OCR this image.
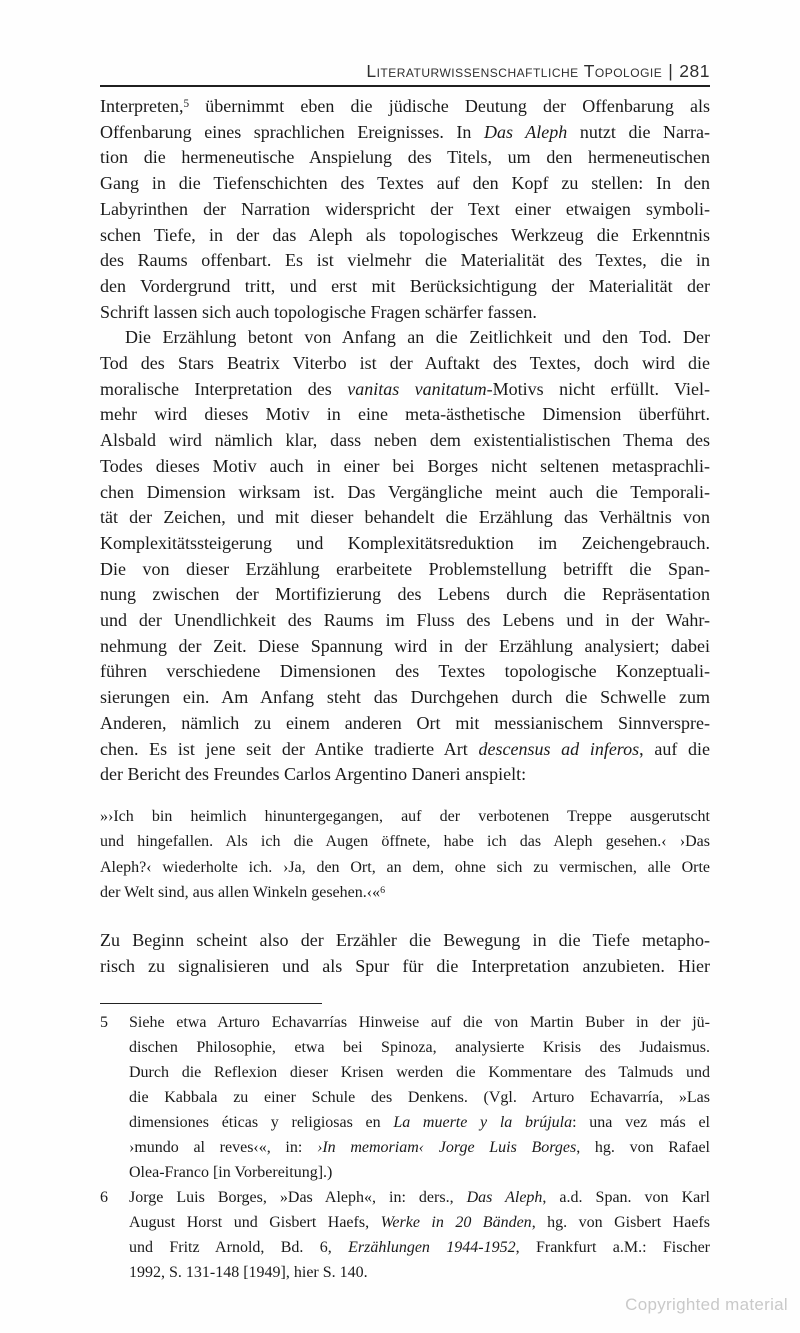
Literaturwissenschaftliche Topologie | 281
Interpreten,$^5$ übernimmt eben die jüdische Deutung der Offenbarung als
Offenbarung eines sprachlichen Ereignisses. In Das Aleph nutzt die Narra-
tion die hermeneutische Anspielung des Titels, um den hermeneutischen
Gang in die Tiefenschichten des Textes auf den Kopf zu stellen: In den
Labyrinthen der Narration widerspricht der Text einer etwaigen symboli-
schen Tiefe, in der das Aleph als topologisches Werkzeug die Erkenntnis
des Raums offenbart. Es ist vielmehr die Materialität des Textes, die in
den Vordergrund tritt, und erst mit Berücksichtigung der Materialität der
Schrift lassen sich auch topologische Fragen schärfer fassen.
Die Erzählung betont von Anfang an die Zeitlichkeit und den Tod. Der
Tod des Stars Beatrix Viterbo ist der Auftakt des Textes, doch wird die
moralische Interpretation des vanitas vanitatum-Motivs nicht erfüllt. Viel-
mehr wird dieses Motiv in eine meta-ästhetische Dimension überführt.
Alsbald wird nämlich klar, dass neben dem existentialistischen Thema des
Todes dieses Motiv auch in einer bei Borges nicht seltenen metasprachli-
chen Dimension wirksam ist. Das Vergängliche meint auch die Temporali-
tät der Zeichen, und mit dieser behandelt die Erzählung das Verhältnis von
Komplexitätssteigerung und Komplexitätsreduktion im Zeichengebrauch.
Die von dieser Erzählung erarbeitete Problemstellung betrifft die Span-
nung zwischen der Mortifizierung des Lebens durch die Repräsentation
und der Unendlichkeit des Raums im Fluss des Lebens und in der Wahr-
nehmung der Zeit. Diese Spannung wird in der Erzählung analysiert; dabei
führen verschiedene Dimensionen des Textes topologische Konzeptuali-
sierungen ein. Am Anfang steht das Durchgehen durch die Schwelle zum
Anderen, nämlich zu einem anderen Ort mit messianischem Sinnverspre-
chen. Es ist jene seit der Antike tradierte Art descensus ad inferos, auf die
der Bericht des Freundes Carlos Argentino Daneri anspielt:
»›Ich bin heimlich hinuntergegangen, auf der verbotenen Treppe ausgerutscht
und hingefallen. Als ich die Augen öffnete, habe ich das Aleph gesehen.‹ ›Das
Aleph?‹ wiederholte ich. ›Ja, den Ort, an dem, ohne sich zu vermischen, alle Orte
der Welt sind, aus allen Winkeln gesehen.‹«$^6$
Zu Beginn scheint also der Erzähler die Bewegung in die Tiefe metapho-
risch zu signalisieren und als Spur für die Interpretation anzubieten. Hier
5 Siehe etwa Arturo Echavarrías Hinweise auf die von Martin Buber in der jü-
dischen Philosophie, etwa bei Spinoza, analysierte Krisis des Judaismus.
Durch die Reflexion dieser Krisen werden die Kommentare des Talmuds und
die Kabbala zu einer Schule des Denkens. (Vgl. Arturo Echavarría, »Las
dimensiones éticas y religiosas en La muerte y la brújula: una vez más el
›mundo al reves‹«, in: ›In memoriam‹ Jorge Luis Borges, hg. von Rafael
Olea-Franco [in Vorbereitung].)
6 Jorge Luis Borges, »Das Aleph«, in: ders., Das Aleph, a.d. Span. von Karl
August Horst und Gisbert Haefs, Werke in 20 Bänden, hg. von Gisbert Haefs
und Fritz Arnold, Bd. 6, Erzählungen 1944-1952, Frankfurt a.M.: Fischer
1992, S. 131-148 [1949], hier S. 140.
Copyrighted material
